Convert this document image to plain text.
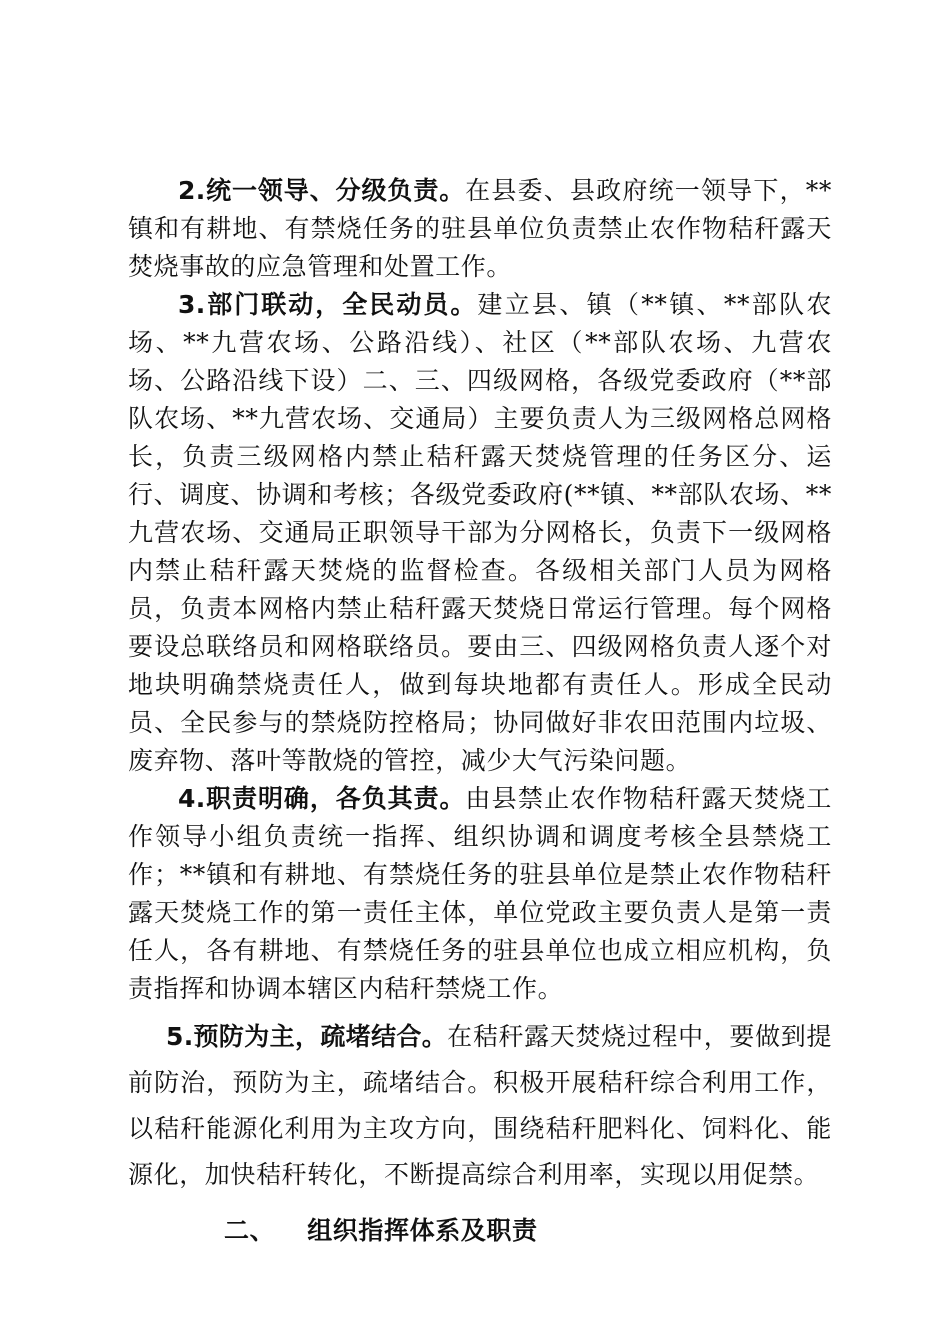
2.统一领导、分级负责。在县委、县政府统一领导下，**镇和有耕地、有禁烧任务的驻县单位负责禁止农作物秸秆露天焚烧事故的应急管理和处置工作。

3.部门联动，全民动员。建立县、镇（**镇、**部队农场、**九营农场、公路沿线）、社区（**部队农场、九营农场、公路沿线下设）二、三、四级网格，各级党委政府（**部队农场、**九营农场、交通局）主要负责人为三级网格总网格长，负责三级网格内禁止秸秆露天焚烧管理的任务区分、运行、调度、协调和考核；各级党委政府(**镇、**部队农场、**九营农场、交通局正职领导干部为分网格长，负责下一级网格内禁止秸秆露天焚烧的监督检查。各级相关部门人员为网格员，负责本网格内禁止秸秆露天焚烧日常运行管理。每个网格要设总联络员和网格联络员。要由三、四级网格负责人逐个对地块明确禁烧责任人，做到每块地都有责任人。形成全民动员、全民参与的禁烧防控格局；协同做好非农田范围内垃圾、废弃物、落叶等散烧的管控，减少大气污染问题。

4.职责明确，各负其责。由县禁止农作物秸秆露天焚烧工作领导小组负责统一指挥、组织协调和调度考核全县禁烧工作；**镇和有耕地、有禁烧任务的驻县单位是禁止农作物秸秆露天焚烧工作的第一责任主体，单位党政主要负责人是第一责任人，各有耕地、有禁烧任务的驻县单位也成立相应机构，负责指挥和协调本辖区内秸秆禁烧工作。

5.预防为主，疏堵结合。在秸秆露天焚烧过程中，要做到提前防治，预防为主，疏堵结合。积极开展秸秆综合利用工作，以秸秆能源化利用为主攻方向，围绕秸秆肥料化、饲料化、能源化，加快秸秆转化，不断提高综合利用率，实现以用促禁。

二、 组织指挥体系及职责
